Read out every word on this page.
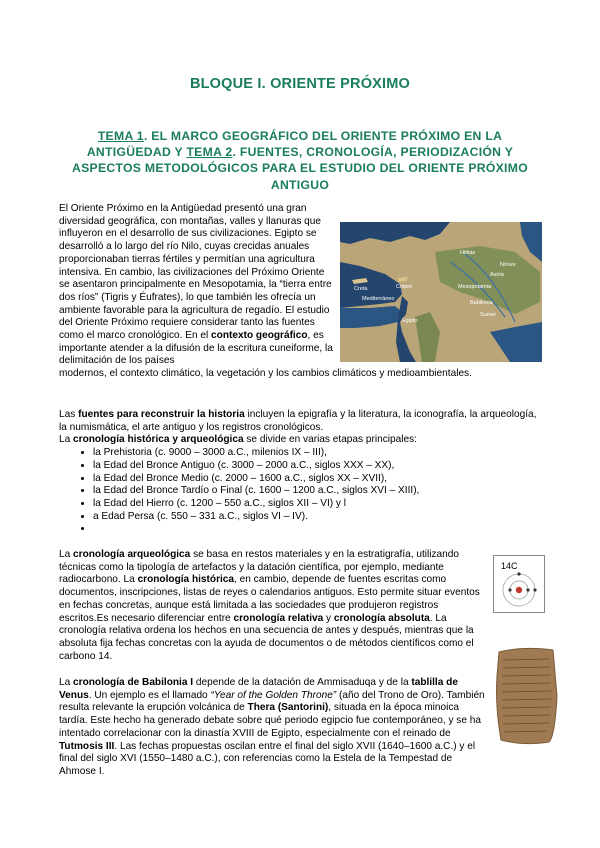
BLOQUE I. ORIENTE PRÓXIMO
TEMA 1. EL MARCO GEOGRÁFICO DEL ORIENTE PRÓXIMO EN LA ANTIGÜEDAD Y TEMA 2. FUENTES, CRONOLOGÍA, PERIODIZACIÓN Y ASPECTOS METODOLÓGICOS PARA EL ESTUDIO DEL ORIENTE PRÓXIMO ANTIGUO
Hititas
Nínive
Asiria
Mesopotamia
Babilonia
Sumer
Egipto
Creta	Chipre
Mediterráneo
El Oriente Próximo en la Antigüedad presentó una gran diversidad geográfica, con montañas, valles y llanuras que influyeron en el desarrollo de sus civilizaciones. Egipto se desarrolló a lo largo del río Nilo, cuyas crecidas anuales proporcionaban tierras fértiles y permitían una agricultura intensiva. En cambio, las civilizaciones del Próximo Oriente se asentaron principalmente en Mesopotamia, la “tierra entre dos ríos” (Tigris y Éufrates), lo que también les ofrecía un ambiente favorable para la agricultura de regadío. El estudio del Oriente Próximo requiere considerar tanto las fuentes como el marco cronológico. En el contexto geográfico, es importante atender a la difusión de la escritura cuneiforme, la delimitación de los países
modernos, el contexto climático, la vegetación y los cambios climáticos y medioambientales.
Las fuentes para reconstruir la historia incluyen la epigrafía y la literatura, la iconografía, la arqueología, la numismática, el arte antiguo y los registros cronológicos.
La cronología histórica y arqueológica se divide en varias etapas principales:
• la Prehistoria (c. 9000 – 3000 a.C., milenios IX – III),
• la Edad del Bronce Antiguo (c. 3000 – 2000 a.C., siglos XXX – XX),
• la Edad del Bronce Medio (c. 2000 – 1600 a.C., siglos XX – XVII),
• la Edad del Bronce Tardío o Final (c. 1600 – 1200 a.C., siglos XVI – XIII),
• la Edad del Hierro (c. 1200 – 550 a.C., siglos XII – VI) y l
• a Edad Persa (c. 550 – 331 a.C., siglos VI – IV).
•
La cronología arqueológica se basa en restos materiales y en la estratigrafía, utilizando técnicas como la tipología de artefactos y la datación científica, por ejemplo, mediante radiocarbono. La cronología histórica, en cambio, depende de fuentes escritas como documentos, inscripciones, listas de reyes o calendarios antiguos. Esto permite situar eventos en fechas concretas, aunque está limitada a las sociedades que produjeron registros escritos.Es necesario diferenciar entre cronología relativa y cronología absoluta. La cronología relativa ordena los hechos en una secuencia de antes y después, mientras que la absoluta fija fechas concretas con la ayuda de documentos o de métodos científicos como el carbono 14.
14C
La cronología de Babilonia I depende de la datación de Ammisaduqa y de la tablilla de Venus. Un ejemplo es el llamado “Year of the Golden Throne” (año del Trono de Oro). También resulta relevante la erupción volcánica de Thera (Santorini), situada en la época minoica tardía. Este hecho ha generado debate sobre qué periodo egipcio fue contemporáneo, y se ha intentado correlacionar con la dinastía XVIII de Egipto, especialmente con el reinado de Tutmosis III. Las fechas propuestas oscilan entre el final del siglo XVII (1640–1600 a.C.) y el final del siglo XVI (1550–1480 a.C.), con referencias como la Estela de la Tempestad de Ahmose I.
